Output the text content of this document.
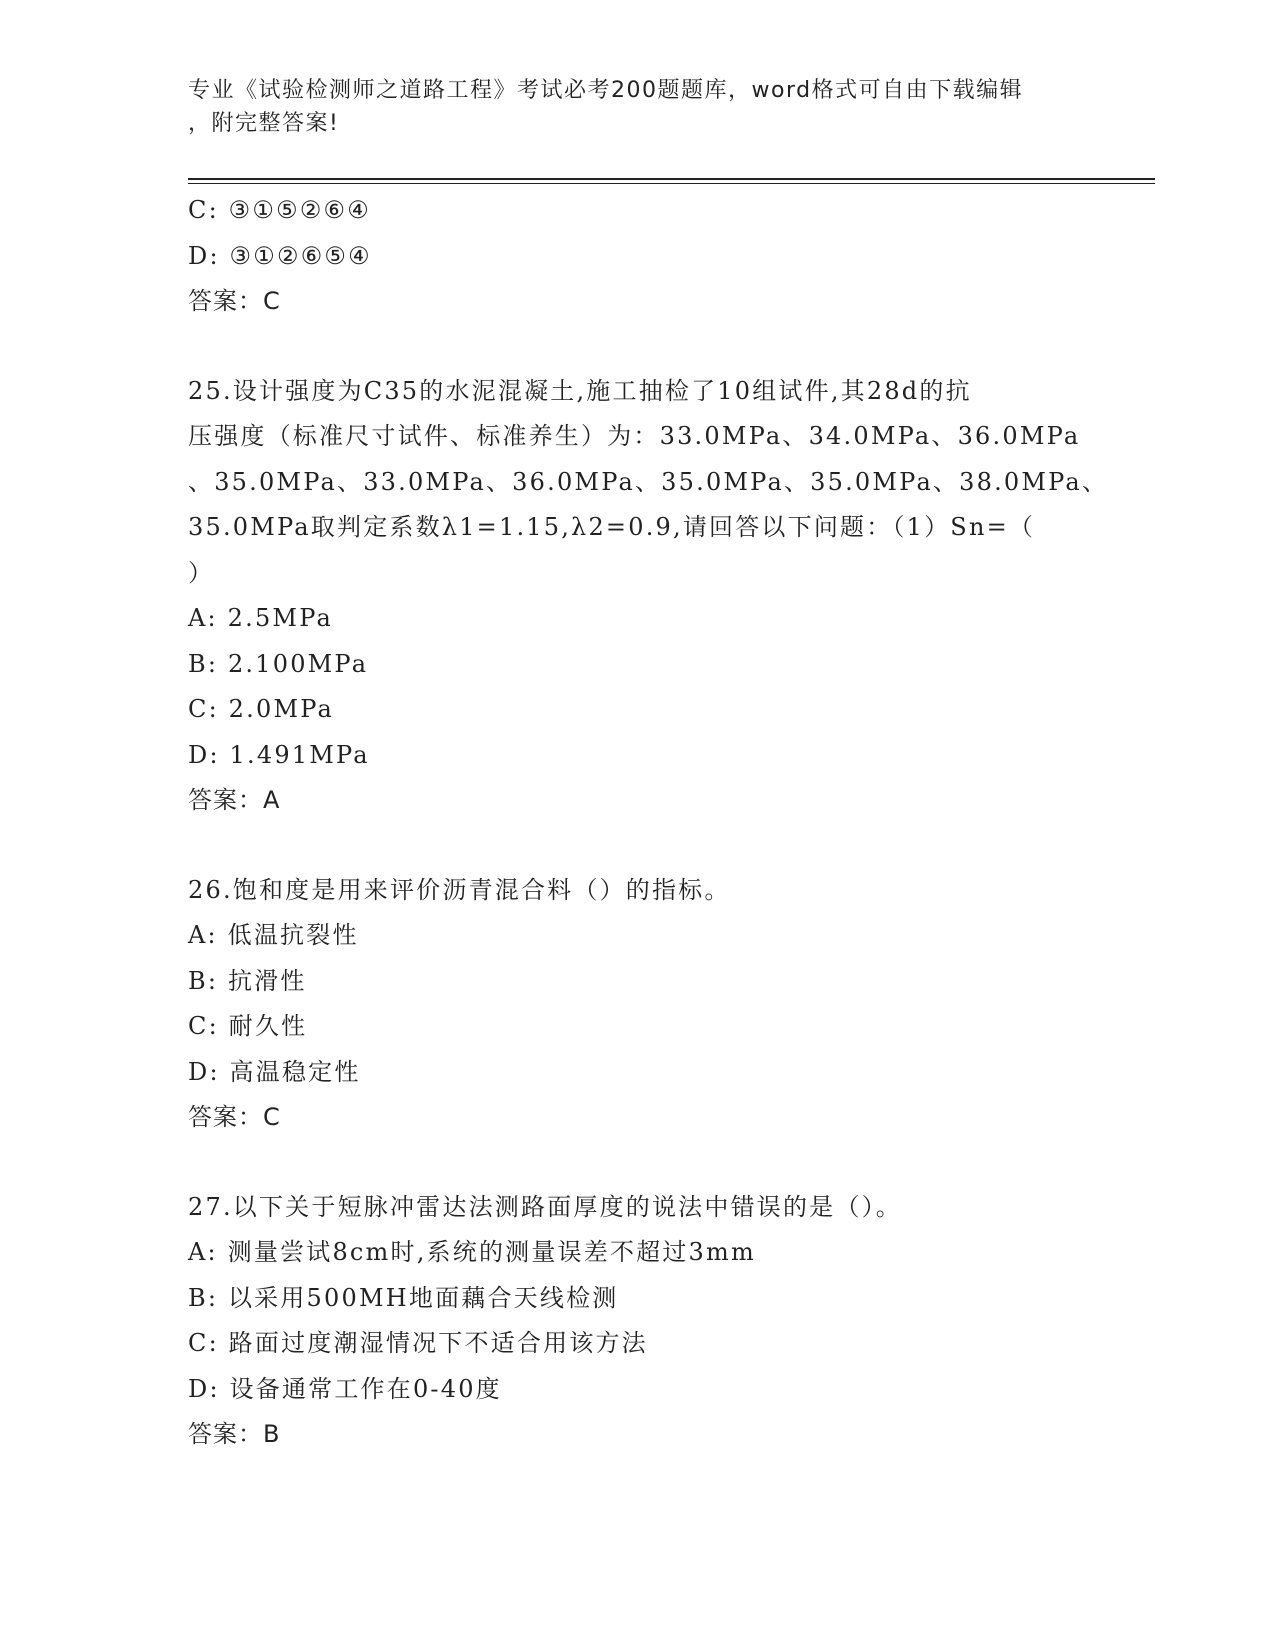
专业《试验检测师之道路工程》考试必考200题题库，word格式可自由下载编辑
，附完整答案!
C: ③①⑤②⑥④
D: ③①②⑥⑤④
答案：C
25.设计强度为C35的水泥混凝土,施工抽检了10组试件,其28d的抗
压强度（标准尺寸试件、标准养生）为：33.0MPa、34.0MPa、36.0MPa
、35.0MPa、33.0MPa、36.0MPa、35.0MPa、35.0MPa、38.0MPa、
35.0MPa取判定系数λ1=1.15,λ2=0.9,请回答以下问题：（1）Sn=（
）
A: 2.5MPa
B: 2.100MPa
C: 2.0MPa
D: 1.491MPa
答案：A
26.饱和度是用来评价沥青混合料（）的指标。
A: 低温抗裂性
B: 抗滑性
C: 耐久性
D: 高温稳定性
答案：C
27.以下关于短脉冲雷达法测路面厚度的说法中错误的是（）。
A: 测量尝试8cm时,系统的测量误差不超过3mm
B: 以采用500MH地面藕合天线检测
C: 路面过度潮湿情况下不适合用该方法
D: 设备通常工作在0-40度
答案：B
